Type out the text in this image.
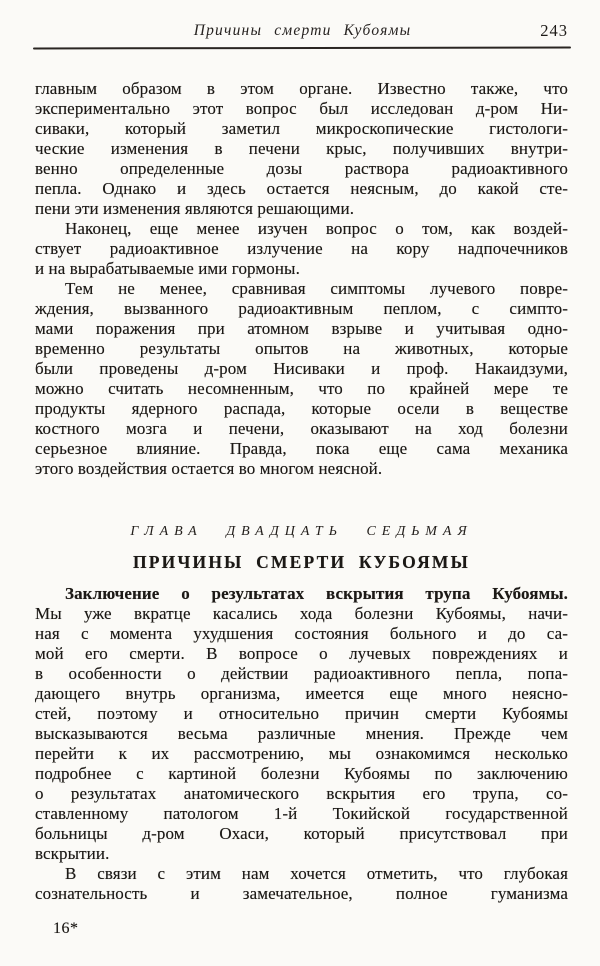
Причины смерти Кубоямы	243
главным образом в этом органе. Известно также, что
экспериментально этот вопрос был исследован д-ром Ни-
сиваки, который заметил микроскопические гистологи-
ческие изменения в печени крыс, получивших внутри-
венно определенные дозы раствора радиоактивного
пепла. Однако и здесь остается неясным, до какой сте-
пени эти изменения являются решающими.
Наконец, еще менее изучен вопрос о том, как воздей-
ствует радиоактивное излучение на кору надпочечников
и на вырабатываемые ими гормоны.
Тем не менее, сравнивая симптомы лучевого повре-
ждения, вызванного радиоактивным пеплом, с симпто-
мами поражения при атомном взрыве и учитывая одно-
временно результаты опытов на животных, которые
были проведены д-ром Нисиваки и проф. Накаидзуми,
можно считать несомненным, что по крайней мере те
продукты ядерного распада, которые осели в веществе
костного мозга и печени, оказывают на ход болезни
серьезное влияние. Правда, пока еще сама механика
этого воздействия остается во многом неясной.
ГЛАВА ДВАДЦАТЬ СЕДЬМАЯ
ПРИЧИНЫ СМЕРТИ КУБОЯМЫ
Заключение о результатах вскрытия трупа Кубоямы.
Мы уже вкратце касались хода болезни Кубоямы, начи-
ная с момента ухудшения состояния больного и до са-
мой его смерти. В вопросе о лучевых повреждениях и
в особенности о действии радиоактивного пепла, попа-
дающего внутрь организма, имеется еще много неясно-
стей, поэтому и относительно причин смерти Кубоямы
высказываются весьма различные мнения. Прежде чем
перейти к их рассмотрению, мы ознакомимся несколько
подробнее с картиной болезни Кубоямы по заключению
о результатах анатомического вскрытия его трупа, со-
ставленному патологом 1-й Токийской государственной
больницы д-ром Охаси, который присутствовал при
вскрытии.
В связи с этим нам хочется отметить, что глубокая
сознательность и замечательное, полное гуманизма
16*
